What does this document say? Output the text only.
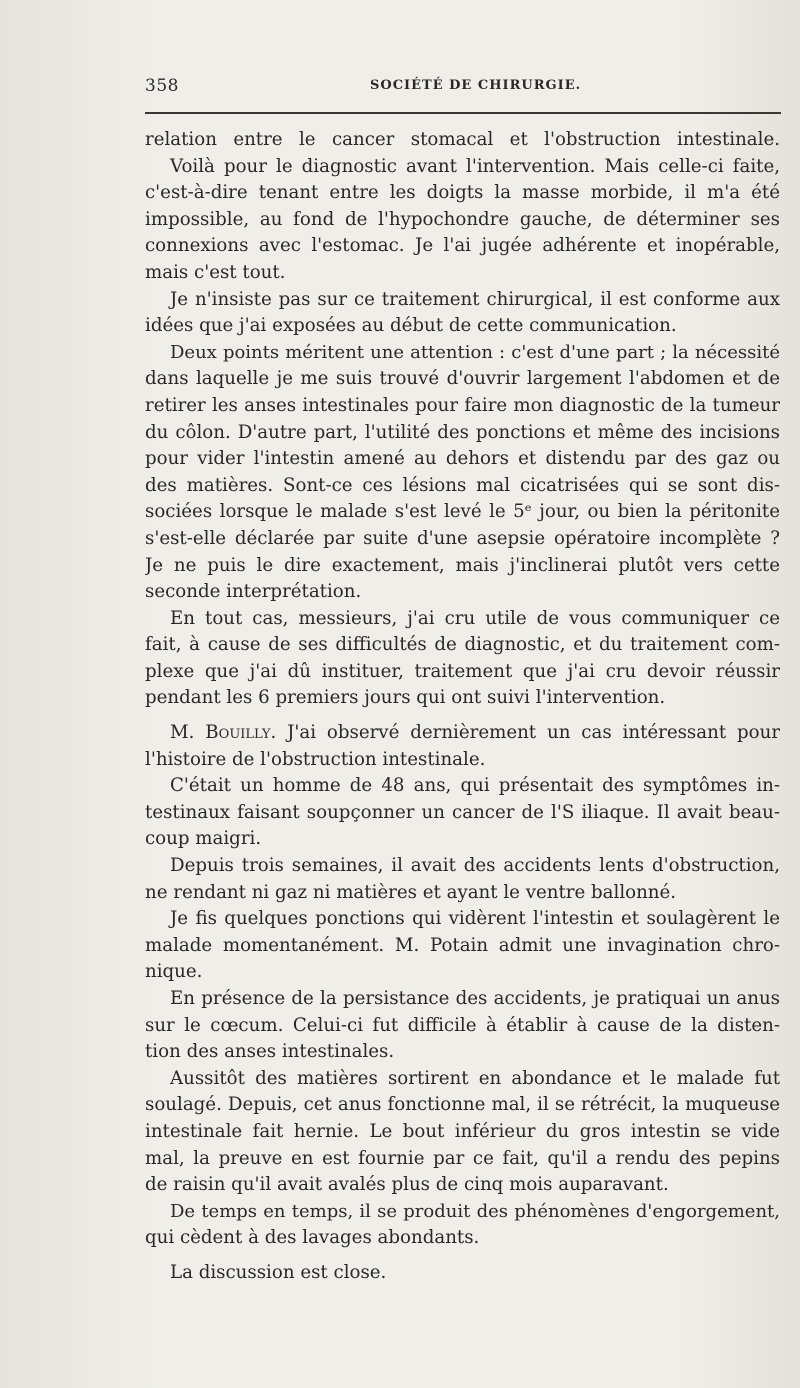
358	SOCIÉTÉ DE CHIRURGIE.
relation entre le cancer stomacal et l'obstruction intestinale.
Voilà pour le diagnostic avant l'intervention. Mais celle-ci faite,
c'est-à-dire tenant entre les doigts la masse morbide, il m'a été
impossible, au fond de l'hypochondre gauche, de déterminer ses
connexions avec l'estomac. Je l'ai jugée adhérente et inopérable,
mais c'est tout.
Je n'insiste pas sur ce traitement chirurgical, il est conforme aux
idées que j'ai exposées au début de cette communication.
Deux points méritent une attention : c'est d'une part ; la nécessité
dans laquelle je me suis trouvé d'ouvrir largement l'abdomen et de
retirer les anses intestinales pour faire mon diagnostic de la tumeur
du côlon. D'autre part, l'utilité des ponctions et même des incisions
pour vider l'intestin amené au dehors et distendu par des gaz ou
des matières. Sont-ce ces lésions mal cicatrisées qui se sont dis-
sociées lorsque le malade s'est levé le 5ᵉ jour, ou bien la péritonite
s'est-elle déclarée par suite d'une asepsie opératoire incomplète ?
Je ne puis le dire exactement, mais j'inclinerai plutôt vers cette
seconde interprétation.
En tout cas, messieurs, j'ai cru utile de vous communiquer ce
fait, à cause de ses difficultés de diagnostic, et du traitement com-
plexe que j'ai dû instituer, traitement que j'ai cru devoir réussir
pendant les 6 premiers jours qui ont suivi l'intervention.
M. Bouilly. J'ai observé dernièrement un cas intéressant pour
l'histoire de l'obstruction intestinale.
C'était un homme de 48 ans, qui présentait des symptômes in-
testinaux faisant soupçonner un cancer de l'S iliaque. Il avait beau-
coup maigri.
Depuis trois semaines, il avait des accidents lents d'obstruction,
ne rendant ni gaz ni matières et ayant le ventre ballonné.
Je fis quelques ponctions qui vidèrent l'intestin et soulagèrent le
malade momentanément. M. Potain admit une invagination chro-
nique.
En présence de la persistance des accidents, je pratiquai un anus
sur le cœcum. Celui-ci fut difficile à établir à cause de la disten-
tion des anses intestinales.
Aussitôt des matières sortirent en abondance et le malade fut
soulagé. Depuis, cet anus fonctionne mal, il se rétrécit, la muqueuse
intestinale fait hernie. Le bout inférieur du gros intestin se vide
mal, la preuve en est fournie par ce fait, qu'il a rendu des pepins
de raisin qu'il avait avalés plus de cinq mois auparavant.
De temps en temps, il se produit des phénomènes d'engorgement,
qui cèdent à des lavages abondants.
La discussion est close.
